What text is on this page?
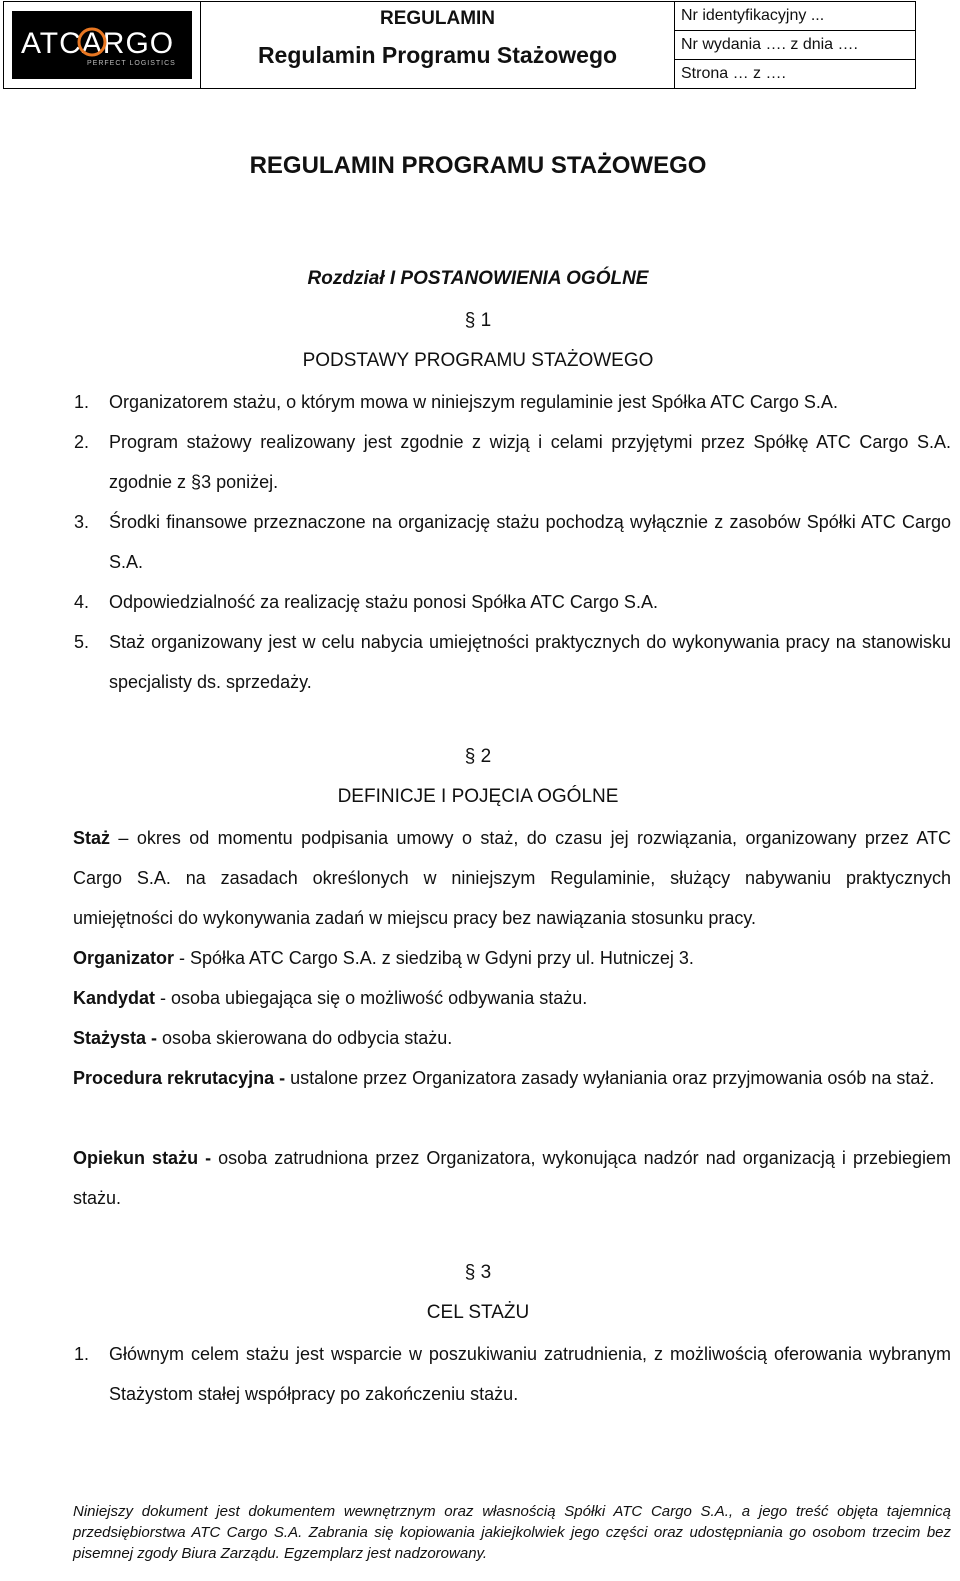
ATCARGO
PERFECT LOGISTICS

REGULAMIN
Regulamin Programu Stażowego
	Nr identyfikacyjny ...
Nr wydania …. z dnia ….
Strona … z ….
REGULAMIN PROGRAMU STAŻOWEGO
Rozdział I POSTANOWIENIA OGÓLNE
§ 1
PODSTAWY PROGRAMU STAŻOWEGO
1. Organizatorem stażu, o którym mowa w niniejszym regulaminie jest Spółka ATC Cargo S.A.
2. Program stażowy realizowany jest zgodnie z wizją i celami przyjętymi przez Spółkę ATC Cargo S.A. zgodnie z §3 poniżej.
3. Środki finansowe przeznaczone na organizację stażu pochodzą wyłącznie z zasobów Spółki ATC Cargo S.A.
4. Odpowiedzialność za realizację stażu ponosi Spółka ATC Cargo S.A.
5. Staż organizowany jest w celu nabycia umiejętności praktycznych do wykonywania pracy na stanowisku specjalisty ds. sprzedaży.
§ 2
DEFINICJE I POJĘCIA OGÓLNE
Staż – okres od momentu podpisania umowy o staż, do czasu jej rozwiązania, organizowany przez ATC Cargo S.A. na zasadach określonych w niniejszym Regulaminie, służący nabywaniu praktycznych umiejętności do wykonywania zadań w miejscu pracy bez nawiązania stosunku pracy.
Organizator - Spółka ATC Cargo S.A. z siedzibą w Gdyni przy ul. Hutniczej 3.
Kandydat - osoba ubiegająca się o możliwość odbywania stażu.
Stażysta - osoba skierowana do odbycia stażu.
Procedura rekrutacyjna - ustalone przez Organizatora zasady wyłaniania oraz przyjmowania osób na staż.
Opiekun stażu - osoba zatrudniona przez Organizatora, wykonująca nadzór nad organizacją i przebiegiem stażu.
§ 3
CEL STAŻU
1. Głównym celem stażu jest wsparcie w poszukiwaniu zatrudnienia, z możliwością oferowania wybranym Stażystom stałej współpracy po zakończeniu stażu.
Niniejszy dokument jest dokumentem wewnętrznym oraz własnością Spółki ATC Cargo S.A., a jego treść objęta tajemnicą przedsiębiorstwa ATC Cargo S.A. Zabrania się kopiowania jakiejkolwiek jego części oraz udostępniania go osobom trzecim bez pisemnej zgody Biura Zarządu. Egzemplarz jest nadzorowany.
